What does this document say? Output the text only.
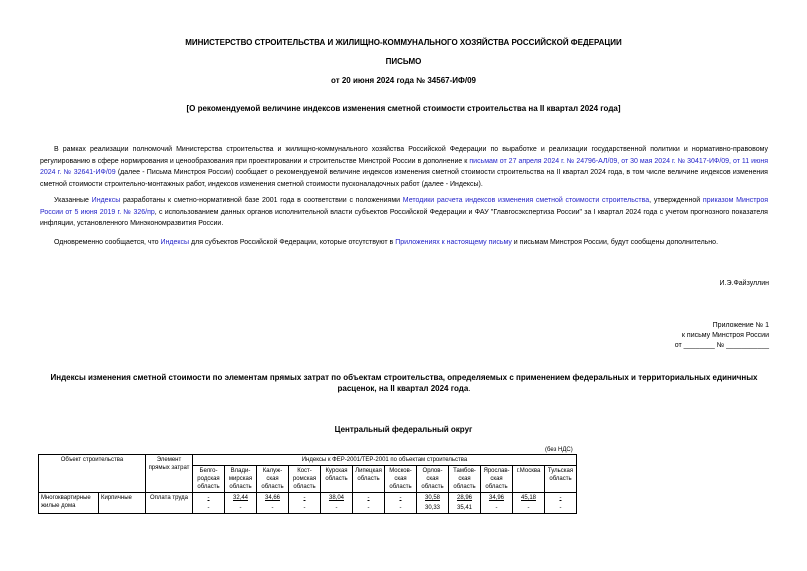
МИНИСТЕРСТВО СТРОИТЕЛЬСТВА И ЖИЛИЩНО-КОММУНАЛЬНОГО ХОЗЯЙСТВА РОССИЙСКОЙ ФЕДЕРАЦИИ
ПИСЬМО
от 20 июня 2024 года № 34567-ИФ/09
[О рекомендуемой величине индексов изменения сметной стоимости строительства на II квартал 2024 года]
В рамках реализации полномочий Министерства строительства и жилищно-коммунального хозяйства Российской Федерации по выработке и реализации государственной политики и нормативно-правовому регулированию в сфере нормирования и ценообразования при проектировании и строительстве Минстрой России в дополнение к письмам от 27 апреля 2024 г. № 24796-АЛ/09, от 30 мая 2024 г. № 30417-ИФ/09, от 11 июня 2024 г. № 32641-ИФ/09 (далее - Письма Минстроя России) сообщает о рекомендуемой величине индексов изменения сметной стоимости строительства на II квартал 2024 года, в том числе величине индексов изменения сметной стоимости строительно-монтажных работ, индексов изменения сметной стоимости пусконаладочных работ (далее - Индексы).
Указанные Индексы разработаны к сметно-нормативной базе 2001 года в соответствии с положениями Методики расчета индексов изменения сметной стоимости строительства, утвержденной приказом Минстроя России от 5 июня 2019 г. № 326/пр, с использованием данных органов исполнительной власти субъектов Российской Федерации и ФАУ "Главгосэкспертиза России" за I квартал 2024 года с учетом прогнозного показателя инфляции, установленного Минэкономразвития России.
Одновременно сообщается, что Индексы для субъектов Российской Федерации, которые отсутствуют в Приложениях к настоящему письму и письмам Минстроя России, будут сообщены дополнительно.
И.Э.Файзуллин
Приложение № 1
к письму Минстроя России
от ________ № ___________
Индексы изменения сметной стоимости по элементам прямых затрат по объектам строительства, определяемых с применением федеральных и территориальных единичных расценок, на II квартал 2024 года.
Центральный федеральный округ
(без НДС)
Объект строительства		Элемент прямых затрат	Индексы к ФЕР-2001/ТЕР-2001 по объектам строительства											
			Белго-родская область	Влади-мирская область	Калуж-ская область	Кост-ромская область	Курская область	Липецкая область	Москов-ская область	Орлов-ская область	Тамбов-ская область	Ярослав-ская область	г.Москва	Тульская область
Многоквартирные жилые дома	Кирпичные	Оплата труда	-	32,44	34,66	-	38,04	-	-	30,58	28,96	34,96	45,18	-
			-	-	-	-	-	-	-	30,33	35,41	-	-	-
